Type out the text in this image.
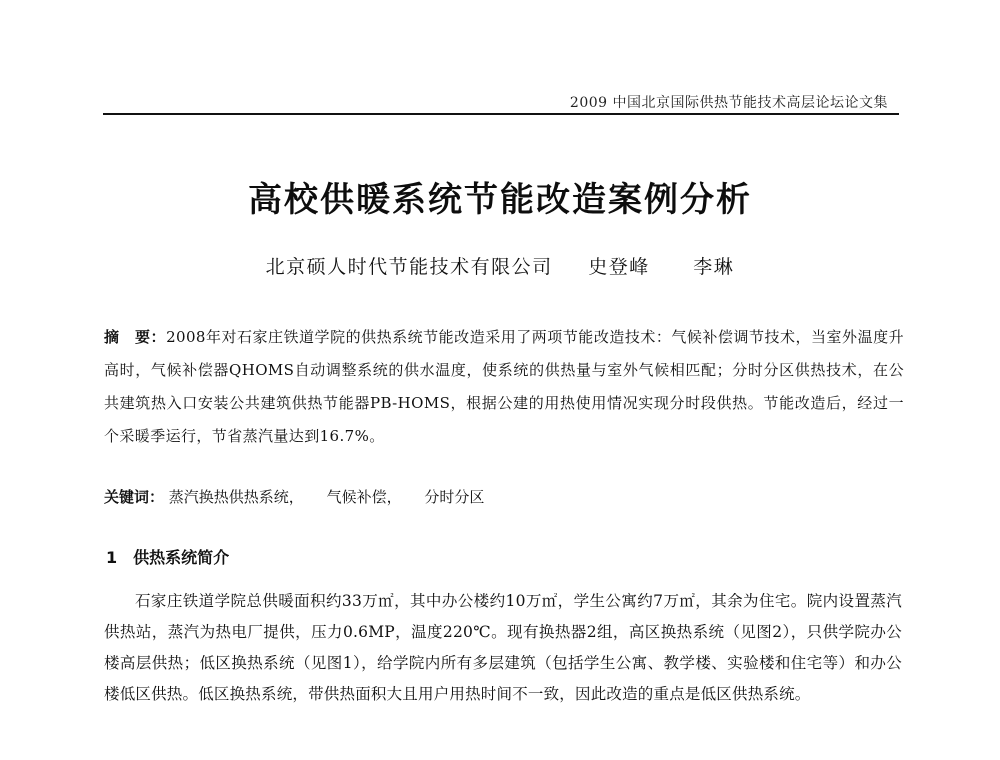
2009 中国北京国际供热节能技术高层论坛论文集
高校供暖系统节能改造案例分析
北京硕人时代节能技术有限公司 史登峰 李琳
摘　要：2008年对石家庄铁道学院的供热系统节能改造采用了两项节能改造技术：气候补偿调节技术，当室外温度升高时，气候补偿器QHOMS自动调整系统的供水温度，使系统的供热量与室外气候相匹配；分时分区供热技术，在公共建筑热入口安装公共建筑供热节能器PB-HOMS，根据公建的用热使用情况实现分时段供热。节能改造后，经过一个采暖季运行，节省蒸汽量达到16.7%。
关键词： 蒸汽换热供热系统， 气候补偿， 分时分区
1 供热系统简介
石家庄铁道学院总供暖面积约33万㎡，其中办公楼约10万㎡，学生公寓约7万㎡，其余为住宅。院内设置蒸汽供热站，蒸汽为热电厂提供，压力0.6MP，温度220℃。现有换热器2组，高区换热系统（见图2），只供学院办公楼高层供热；低区换热系统（见图1），给学院内所有多层建筑（包括学生公寓、教学楼、实验楼和住宅等）和办公楼低区供热。低区换热系统，带供热面积大且用户用热时间不一致，因此改造的重点是低区供热系统。
